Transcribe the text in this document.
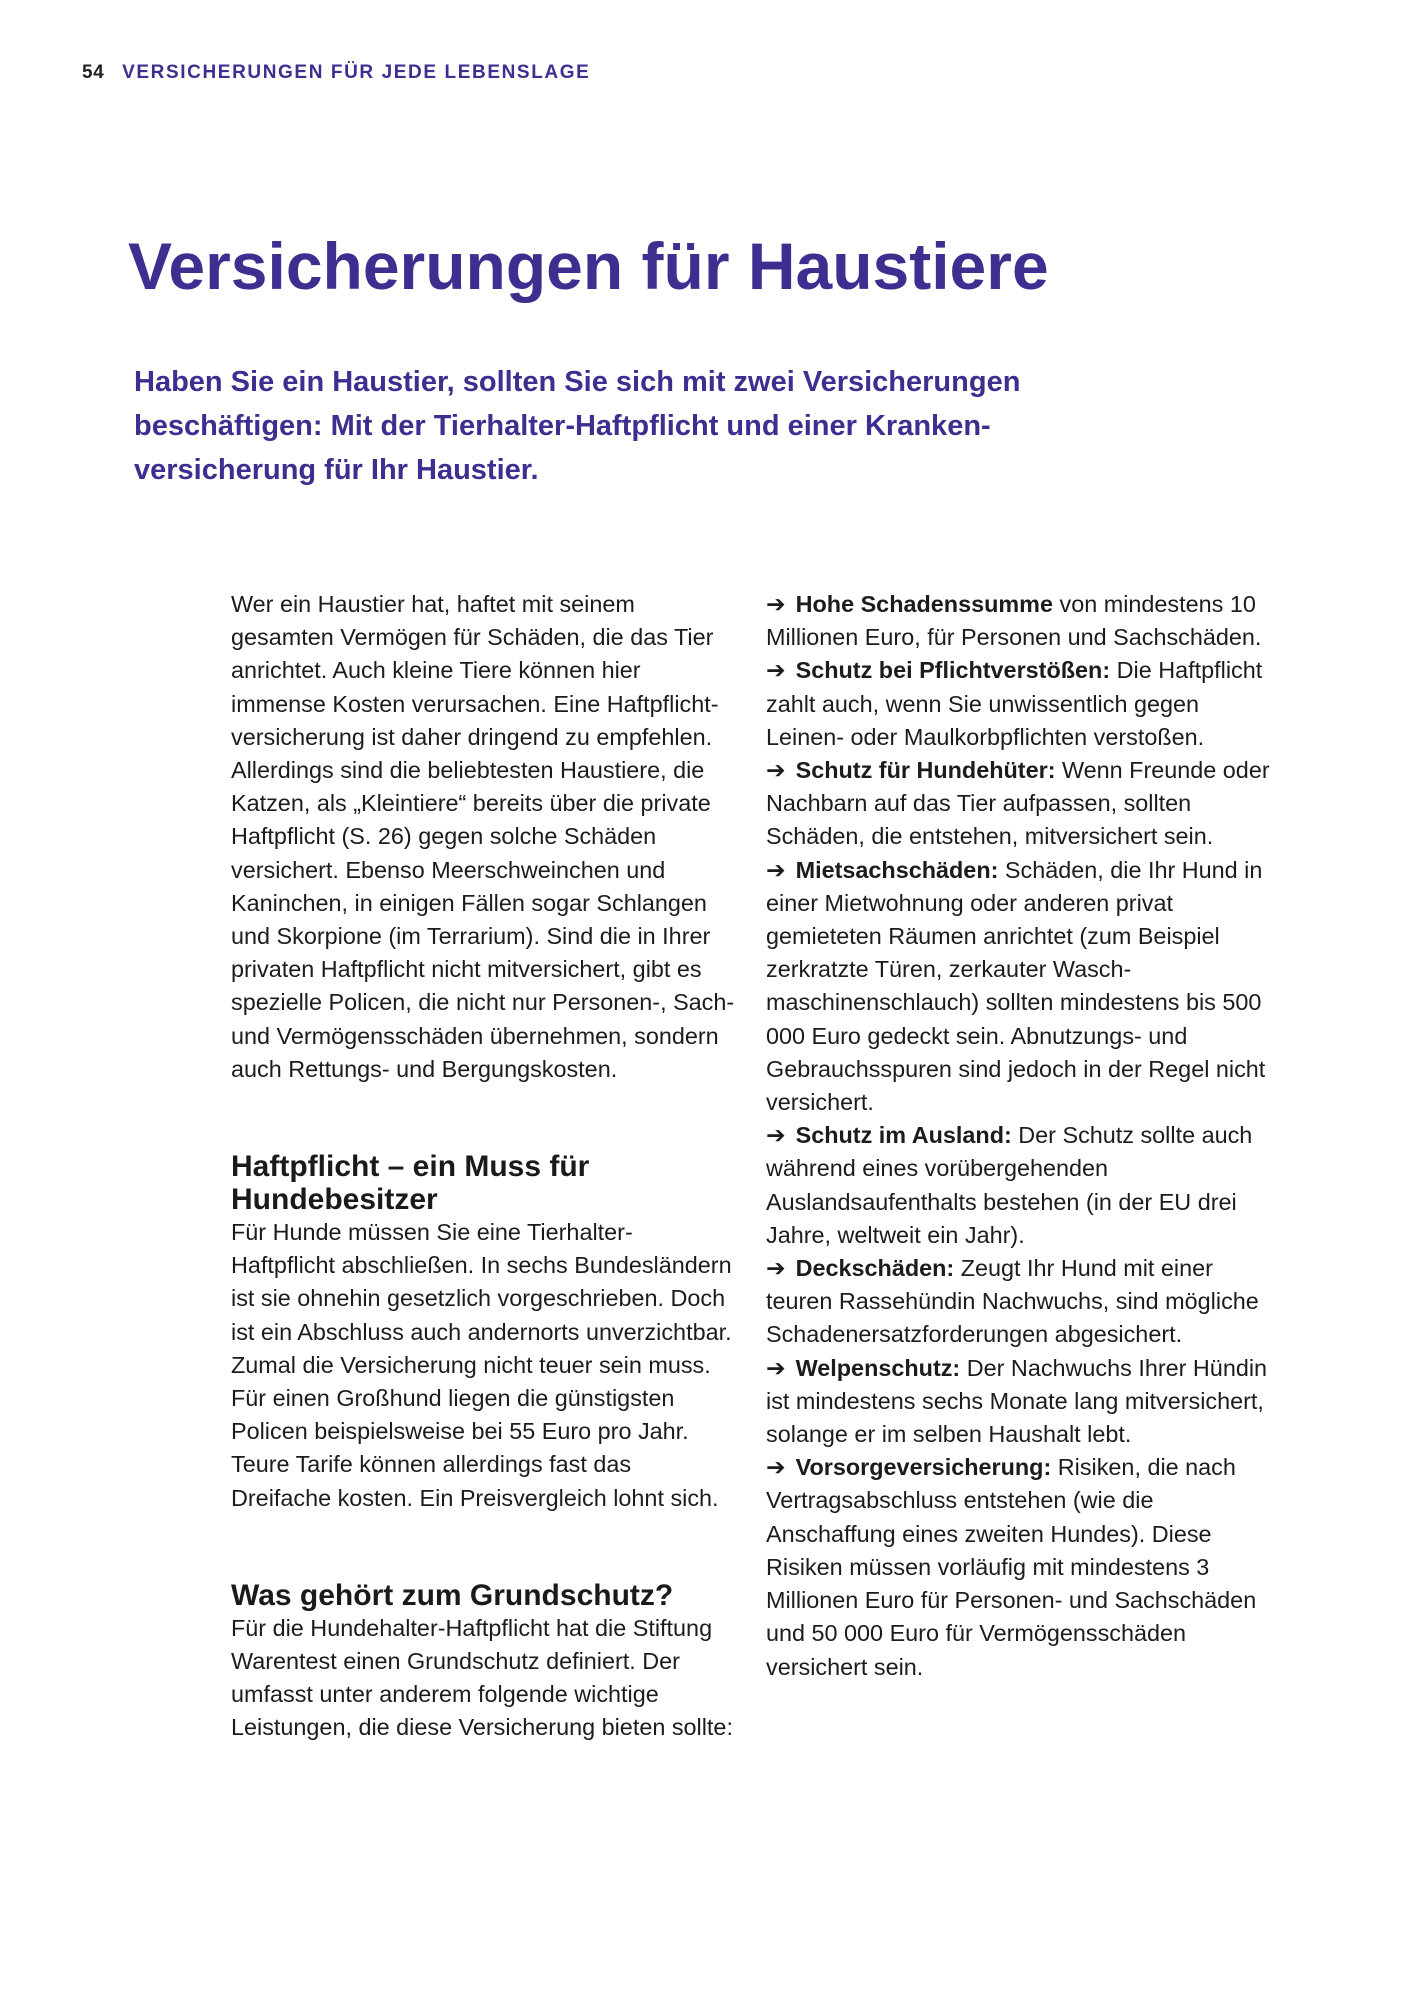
54 VERSICHERUNGEN FÜR JEDE LEBENSLAGE
Versicherungen für Haustiere

Haben Sie ein Haustier, sollten Sie sich mit zwei Versicherungen beschäftigen: Mit der Tierhalter-Haftpflicht und einer Krankenversicherung für Ihr Haustier.

Wer ein Haustier hat, haftet mit seinem gesamten Vermögen für Schäden, die das Tier anrichtet. Auch kleine Tiere können hier immense Kosten verursachen. Eine Haftpflichtversicherung ist daher dringend zu empfehlen. Allerdings sind die beliebtesten Haustiere, die Katzen, als „Kleintiere“ bereits über die private Haftpflicht (S. 26) gegen solche Schäden versichert. Ebenso Meerschweinchen und Kaninchen, in einigen Fällen sogar Schlangen und Skorpione (im Terrarium). Sind die in Ihrer privaten Haftpflicht nicht mitversichert, gibt es spezielle Policen, die nicht nur Personen-, Sach- und Vermögensschäden übernehmen, sondern auch Rettungs- und Bergungskosten.

Haftpflicht – ein Muss für Hundebesitzer

Für Hunde müssen Sie eine Tierhalter-Haftpflicht abschließen. In sechs Bundesländern ist sie ohnehin gesetzlich vorgeschrieben. Doch ist ein Abschluss auch andernorts unverzichtbar. Zumal die Versicherung nicht teuer sein muss. Für einen Großhund liegen die günstigsten Policen beispielsweise bei 55 Euro pro Jahr. Teure Tarife können allerdings fast das Dreifache kosten. Ein Preisvergleich lohnt sich.

Was gehört zum Grundschutz?

Für die Hundehalter-Haftpflicht hat die Stiftung Warentest einen Grundschutz definiert. Der umfasst unter anderem folgende wichtige Leistungen, die diese Versicherung bieten sollte:

➔ Hohe Schadenssumme von mindestens 10 Millionen Euro, für Personen und Sachschäden.

➔ Schutz bei Pflichtverstößen: Die Haftpflicht zahlt auch, wenn Sie unwissentlich gegen Leinen- oder Maulkorbpflichten verstoßen.

➔ Schutz für Hundehüter: Wenn Freunde oder Nachbarn auf das Tier aufpassen, sollten Schäden, die entstehen, mitversichert sein.

➔ Mietsachschäden: Schäden, die Ihr Hund in einer Mietwohnung oder anderen privat gemieteten Räumen anrichtet (zum Beispiel zerkratzte Türen, zerkauter Waschmaschinenschlauch) sollten mindestens bis 500 000 Euro gedeckt sein. Abnutzungs- und Gebrauchsspuren sind jedoch in der Regel nicht versichert.

➔ Schutz im Ausland: Der Schutz sollte auch während eines vorübergehenden Auslandsaufenthalts bestehen (in der EU drei Jahre, weltweit ein Jahr).

➔ Deckschäden: Zeugt Ihr Hund mit einer teuren Rassehündin Nachwuchs, sind mögliche Schadenersatzforderungen abgesichert.

➔ Welpenschutz: Der Nachwuchs Ihrer Hündin ist mindestens sechs Monate lang mitversichert, solange er im selben Haushalt lebt.

➔ Vorsorgeversicherung: Risiken, die nach Vertragsabschluss entstehen (wie die Anschaffung eines zweiten Hundes). Diese Risiken müssen vorläufig mit mindestens 3 Millionen Euro für Personen- und Sachschäden und 50 000 Euro für Vermögensschäden versichert sein.
